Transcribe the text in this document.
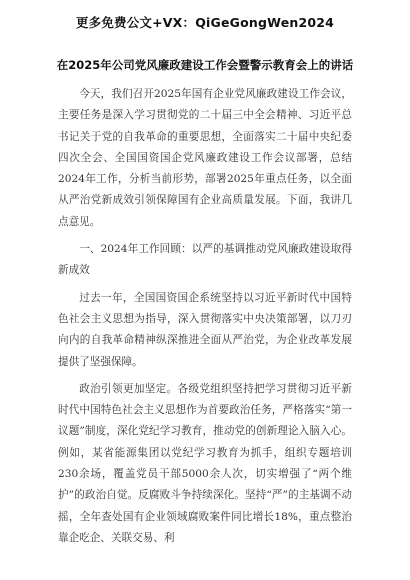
更多免费公文+VX：QiGeGongWen2024
在2025年公司党风廉政建设工作会暨警示教育会上的讲话

今天，我们召开2025年国有企业党风廉政建设工作会议，主要任务是深入学习贯彻党的二十届三中全会精神、习近平总书记关于党的自我革命的重要思想，全面落实二十届中央纪委四次全会、全国国资国企党风廉政建设工作会议部署，总结2024年工作，分析当前形势，部署2025年重点任务，以全面从严治党新成效引领保障国有企业高质量发展。下面，我讲几点意见。

一、2024年工作回顾：以严的基调推动党风廉政建设取得新成效

过去一年，全国国资国企系统坚持以习近平新时代中国特色社会主义思想为指导，深入贯彻落实中央决策部署，以刀刃向内的自我革命精神纵深推进全面从严治党，为企业改革发展提供了坚强保障。

政治引领更加坚定。各级党组织坚持把学习贯彻习近平新时代中国特色社会主义思想作为首要政治任务，严格落实“第一议题”制度，深化党纪学习教育，推动党的创新理论入脑入心。例如，某省能源集团以党纪学习教育为抓手，组织专题培训230余场，覆盖党员干部5000余人次，切实增强了“两个维护”的政治自觉。反腐败斗争持续深化。坚持“严”的主基调不动摇，全年查处国有企业领域腐败案件同比增长18%，重点整治靠企吃企、关联交易、利
